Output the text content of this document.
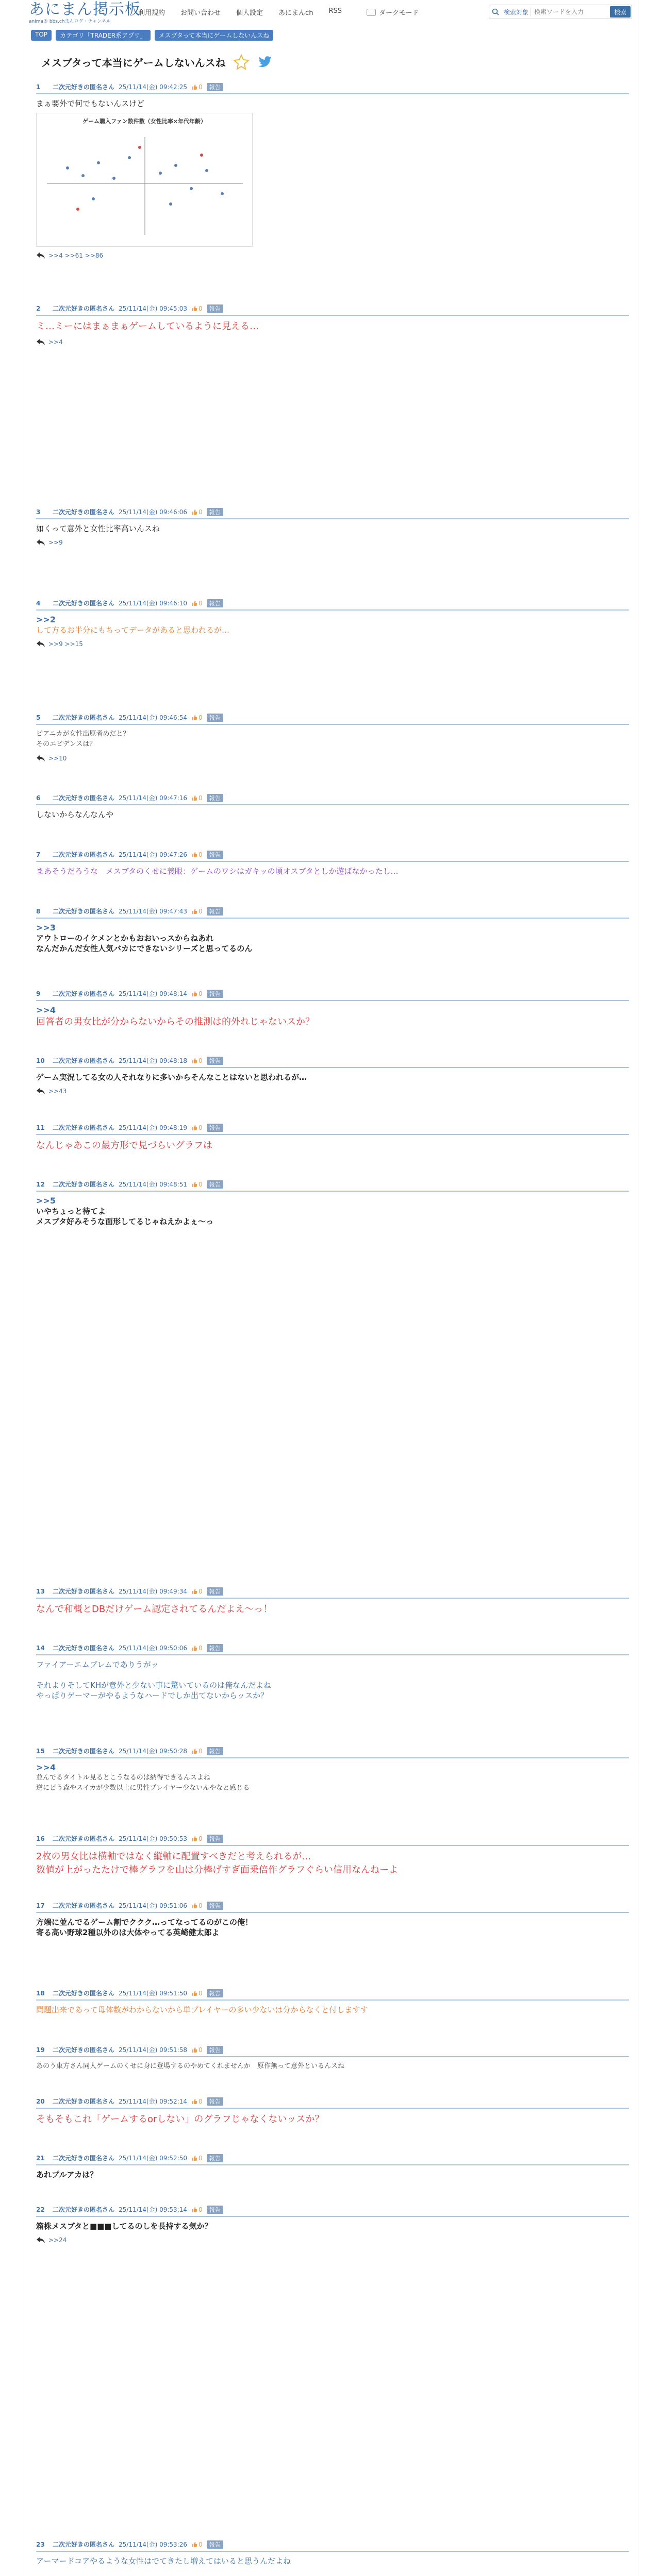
あにまん掲示板
anima® bbs.chまんログ・チャンネル
利用規約 お問い合わせ 個人設定 あにまんch RSS	ダークモード	検索対象
検索ワードを入力	検索
TOP	カテゴリ「TRADER系アプリ」	メスブタって本当にゲームしないんスね
メスブタって本当にゲームしないんスね
1	二次元好きの匿名さん 25/11/14(金) 09:42:25 0	報告
まぁ要外で何でもないんスけど
ゲーム購入ファン数件数（女性比率×年代年齢）
>>4 >>61 >>86
2	二次元好きの匿名さん 25/11/14(金) 09:45:03 0	報告
ミ…ミーにはまぁまぁゲームしているように見える…
>>4
3	二次元好きの匿名さん 25/11/14(金) 09:46:06 0	報告
如くって意外と女性比率高いんスね
>>9
4	二次元好きの匿名さん 25/11/14(金) 09:46:10 0	報告
>>2
して方るお半分にもちってデータがあると思われるが…
>>9 >>15
5	二次元好きの匿名さん 25/11/14(金) 09:46:54 0	報告
ピアニカが女性出原者めだと？
そのエビデンスは？
>>10
6	二次元好きの匿名さん 25/11/14(金) 09:47:16 0	報告
しないからなんなんや
7	二次元好きの匿名さん 25/11/14(金) 09:47:26 0	報告
まあそうだろうな　メスブタのくせに義眼：ゲームのワシはガキッの頃オスブタとしか遊ばなかったし…
8	二次元好きの匿名さん 25/11/14(金) 09:47:43 0	報告
>>3
アウトローのイケメンとかもおおいっスからねあれ
なんだかんだ女性人気バカにできないシリーズと思ってるのん
9	二次元好きの匿名さん 25/11/14(金) 09:48:14 0	報告
>>4
回答者の男女比が分からないからその推測は的外れじゃないスか？
10	二次元好きの匿名さん 25/11/14(金) 09:48:18 0	報告
ゲーム実況してる女の人それなりに多いからそんなことはないと思われるが…
>>43
11	二次元好きの匿名さん 25/11/14(金) 09:48:19 0	報告
なんじゃあこの最方形で見づらいグラフは
12	二次元好きの匿名さん 25/11/14(金) 09:48:51 0	報告
>>5
いやちょっと待てよ
メスブタ好みそうな面形してるじゃねえかよぇ〜っ
13	二次元好きの匿名さん 25/11/14(金) 09:49:34 0	報告
なんで和概とDBだけゲーム認定されてるんだよえ〜っ！
14	二次元好きの匿名さん 25/11/14(金) 09:50:06 0	報告
ファイアーエムブレムでありうがッ

それよりそしてKHが意外と少ない事に驚いているのは俺なんだよね
やっぱりゲーマーがやるようなハードでしか出てないからッスか？
15	二次元好きの匿名さん 25/11/14(金) 09:50:28 0	報告
>>4
並んでるタイトル見るとこうなるのは納得できるんスよね
逆にどう森やスイカが少数以上に男性プレイヤー少ないんやなと感じる
16	二次元好きの匿名さん 25/11/14(金) 09:50:53 0	報告
2枚の男女比は横軸ではなく縦軸に配置すべきだと考えられるが…
数値が上がったたけで棒グラフを山は分棒げすぎ面乗倍作グラフぐらい信用なんねーよ
17	二次元好きの匿名さん 25/11/14(金) 09:51:06 0	報告
方端に並んでるゲーム割でククク…ってなってるのがこの俺！
寄る高い野球2種以外のは大体やってる英崎健太郎よ
18	二次元好きの匿名さん 25/11/14(金) 09:51:50 0	報告
問題出来であって母体数がわからないから単プレイヤーの多い少ないは分からなくと付しますす
19	二次元好きの匿名さん 25/11/14(金) 09:51:58 0	報告
あのう東方さん同人ゲームのくせに身に登場するのやめてくれませんか　原作無って意外といるんスね
20	二次元好きの匿名さん 25/11/14(金) 09:52:14 0	報告
そもそもこれ「ゲームするorしない」のグラフじゃなくないッスか？
21	二次元好きの匿名さん 25/11/14(金) 09:52:50 0	報告
あれプルアカは？
22	二次元好きの匿名さん 25/11/14(金) 09:53:14 0	報告
箱株メスブタと■■■してるのしを長持する気か？
>>24
23	二次元好きの匿名さん 25/11/14(金) 09:53:26 0	報告
アーマードコアやるような女性はでてきたし増えてはいると思うんだよね
